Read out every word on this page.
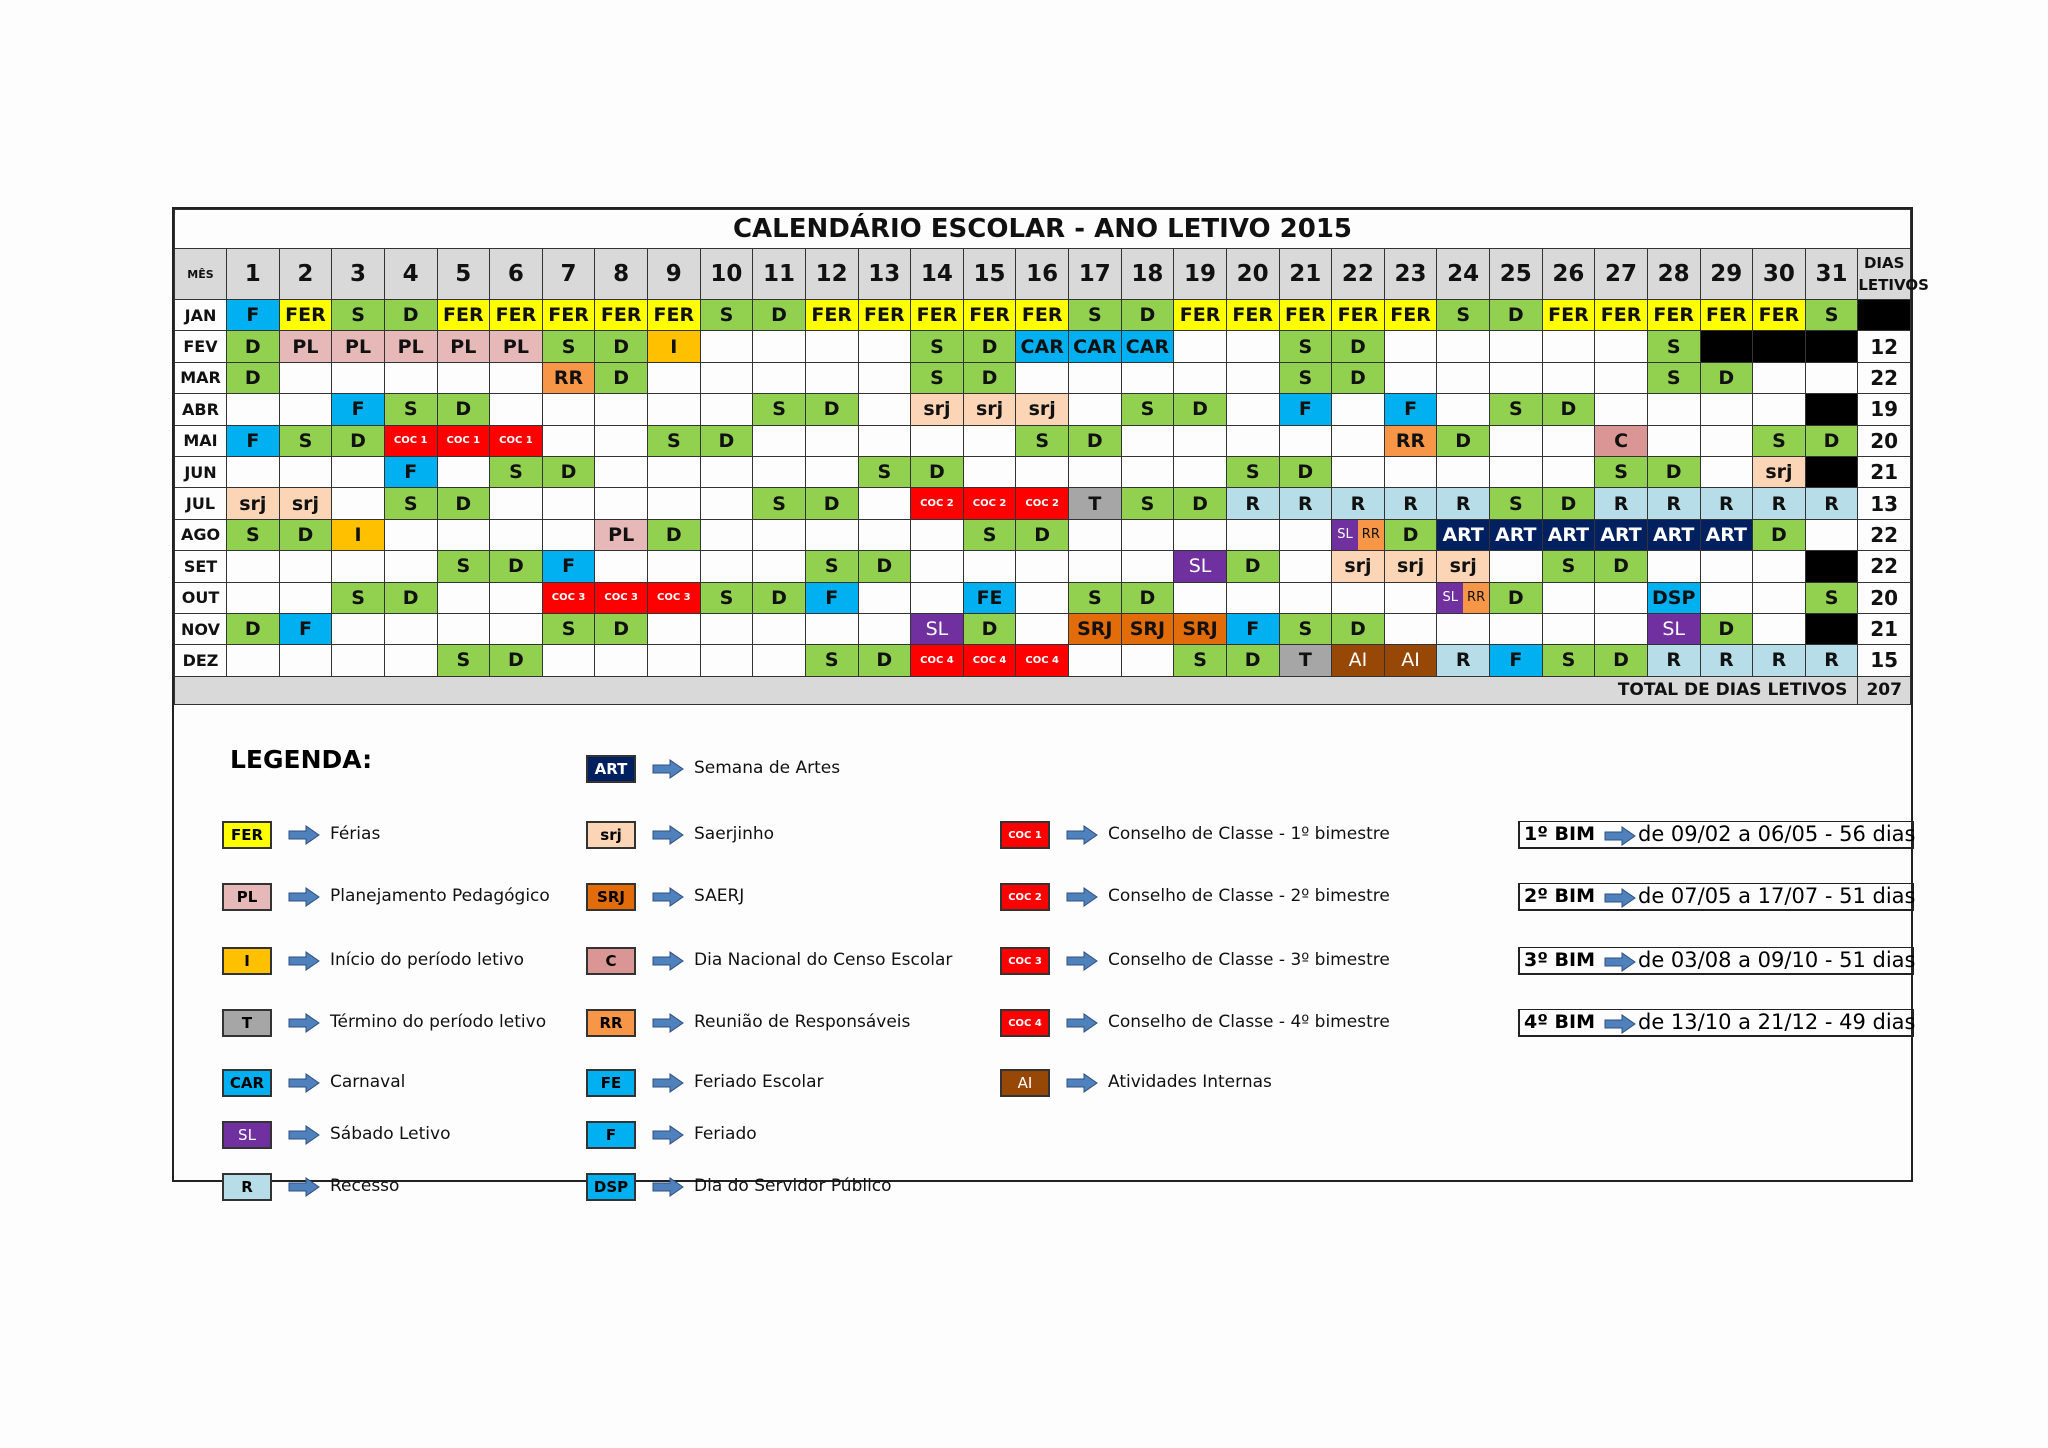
CALENDÁRIO ESCOLAR - ANO LETIVO 2015																																
MÊS	1	2	3	4	5	6	7	8	9	10	11	12	13	14	15	16	17	18	19	20	21	22	23	24	25	26	27	28	29	30	31	DIAS LETIVOS
JAN	F	FER	S	D	FER	FER	FER	FER	FER	S	D	FER	FER	FER	FER	FER	S	D	FER	FER	FER	FER	FER	S	D	FER	FER	FER	FER	FER	S	
FEV	D	PL	PL	PL	PL	PL	S	D	I					S	D	CAR	CAR	CAR			S	D						S				12
MAR	D						RR	D						S	D						S	D						S	D			22
ABR			F	S	D						S	D		srj	srj	srj		S	D		F		F		S	D						19
MAI	F	S	D	COC 1	COC 1	COC 1			S	D						S	D						RR	D			C			S	D	20
JUN				F		S	D						S	D						S	D						S	D		srj		21
JUL	srj	srj		S	D						S	D		COC 2	COC 2	COC 2	T	S	D	R	R	R	R	R	S	D	R	R	R	R	R	13
AGO	S	D	I					PL	D						S	D						SL RR	D	ART	ART	ART	ART	ART	ART	D		22
SET					S	D	F					S	D						SL	D		srj	srj	srj		S	D					22
OUT			S	D			COC 3	COC 3	COC 3	S	D	F			FE		S	D						SL RR	D			DSP			S	20
NOV	D	F					S	D						SL	D		SRJ	SRJ	SRJ	F	S	D						SL	D			21
DEZ					S	D						S	D	COC 4	COC 4	COC 4			S	D	T	AI	AI	R	F	S	D	R	R	R	R	15
TOTAL DE DIAS LETIVOS																																207
LEGENDA:	ART	Semana de Artes
FER	Férias
PL	Planejamento Pedagógico
I	Início do período letivo
T	Término do período letivo
CAR	Carnaval
SL	Sábado Letivo
R	Recesso
srj	Saerjinho
SRJ	SAERJ
C	Dia Nacional do Censo Escolar
RR	Reunião de Responsáveis
FE	Feriado Escolar
F	Feriado
DSP	Dia do Servidor Público
COC 1	Conselho de Classe - 1º bimestre
COC 2	Conselho de Classe - 2º bimestre
COC 3	Conselho de Classe - 3º bimestre
COC 4	Conselho de Classe - 4º bimestre
AI	Atividades Internas
1º BIM de 09/02 a 06/05 - 56 dias
2º BIM de 07/05 a 17/07 - 51 dias
3º BIM de 03/08 a 09/10 - 51 dias
4º BIM de 13/10 a 21/12 - 49 dias
